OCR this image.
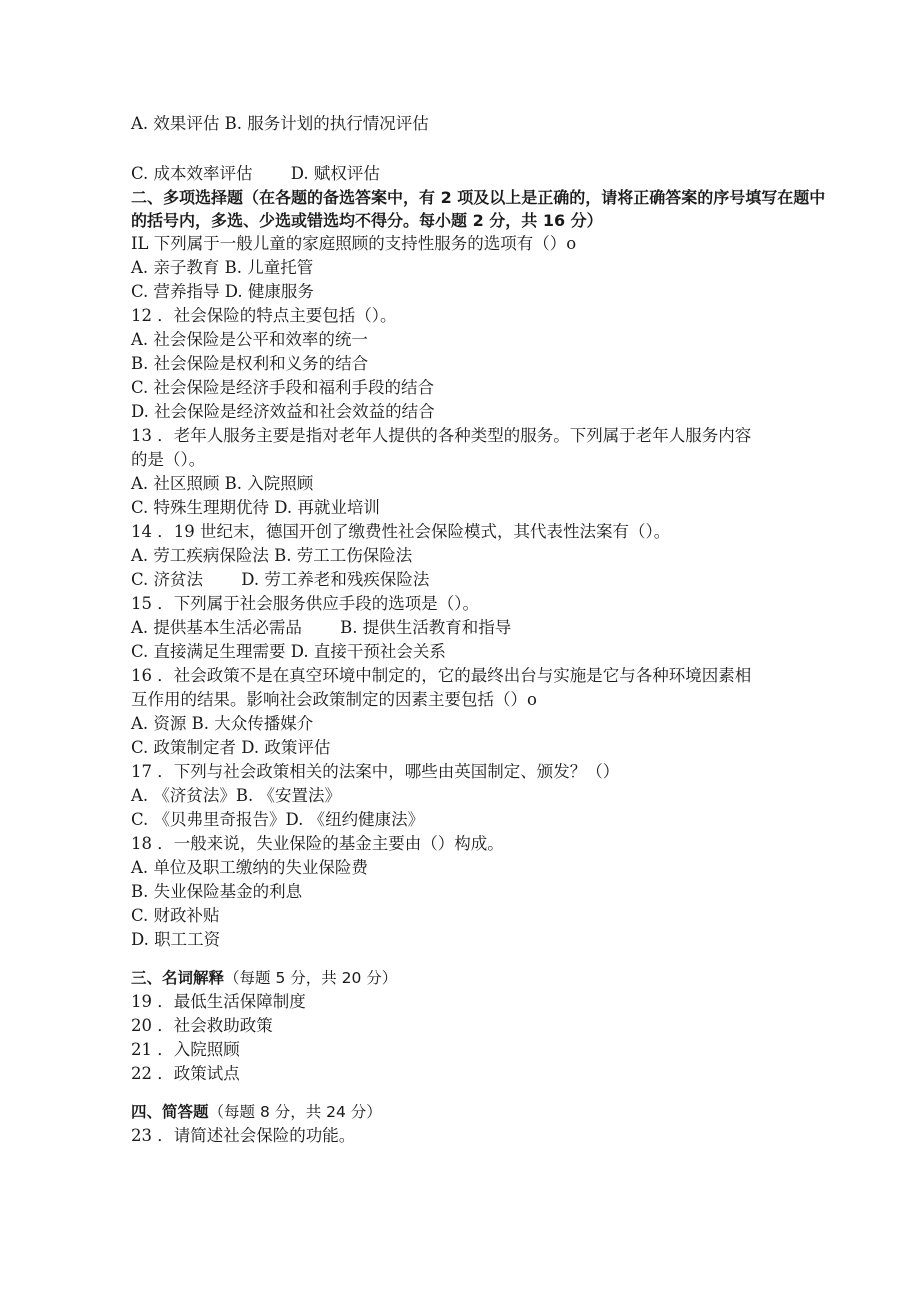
A. 效果评估 B. 服务计划的执行情况评估
C. 成本效率评估 　　D. 赋权评估
二、多项选择题（在各题的备选答案中，有 2 项及以上是正确的，请将正确答案的序号填写在题中的括号内，多选、少选或错选均不得分。每小题 2 分，共 16 分）
IL 下列属于一般儿童的家庭照顾的支持性服务的选项有（）o
A. 亲子教育 B. 儿童托管
C. 营养指导 D. 健康服务
12 ．社会保险的特点主要包括（）。
A. 社会保险是公平和效率的统一
B. 社会保险是权利和义务的结合
C. 社会保险是经济手段和福利手段的结合
D. 社会保险是经济效益和社会效益的结合
13 ．老年人服务主要是指对老年人提供的各种类型的服务。下列属于老年人服务内容
的是（）。
A. 社区照顾 B. 入院照顾
C. 特殊生理期优待 D. 再就业培训
14 ．19 世纪末，德国开创了缴费性社会保险模式，其代表性法案有（）。
A. 劳工疾病保险法 B. 劳工工伤保险法
C. 济贫法 　　D. 劳工养老和残疾保险法
15 ．下列属于社会服务供应手段的选项是（）。
A. 提供基本生活必需品 　　B. 提供生活教育和指导
C. 直接满足生理需要 D. 直接干预社会关系
16 ．社会政策不是在真空环境中制定的，它的最终出台与实施是它与各种环境因素相
互作用的结果。影响社会政策制定的因素主要包括（）o
A. 资源 B. 大众传播媒介
C. 政策制定者 D. 政策评估
17 ．下列与社会政策相关的法案中，哪些由英国制定、颁发？（）
A. 《济贫法》B. 《安置法》
C. 《贝弗里奇报告》D. 《纽约健康法》
18 ．一般来说，失业保险的基金主要由（）构成。
A. 单位及职工缴纳的失业保险费
B. 失业保险基金的利息
C. 财政补贴
D. 职工工资
三、名词解释（每题 5 分，共 20 分）
19 ．最低生活保障制度
20 ．社会救助政策
21 ．入院照顾
22 ．政策试点
四、简答题（每题 8 分，共 24 分）
23 ．请简述社会保险的功能。
